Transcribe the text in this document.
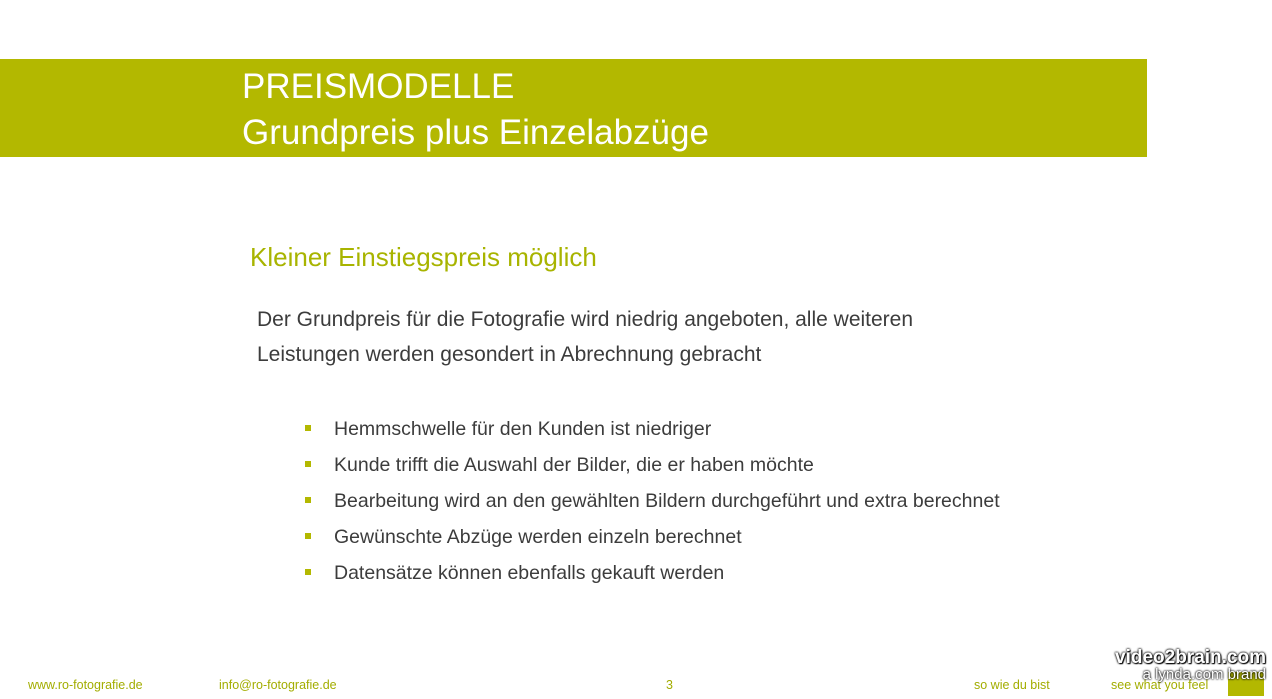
PREISMODELLE
Grundpreis plus Einzelabzüge
Kleiner Einstiegspreis möglich
Der Grundpreis für die Fotografie wird niedrig angeboten, alle weiteren
Leistungen werden gesondert in Abrechnung gebracht
Hemmschwelle für den Kunden ist niedriger
Kunde trifft die Auswahl der Bilder, die er haben möchte
Bearbeitung wird an den gewählten Bildern durchgeführt und extra berechnet
Gewünschte Abzüge werden einzeln berechnet
Datensätze können ebenfalls gekauft werden
www.ro-fotografie.de	info@ro-fotografie.de	3	so wie du bist	see what you feel
video2brain.com
a lynda.com brand
